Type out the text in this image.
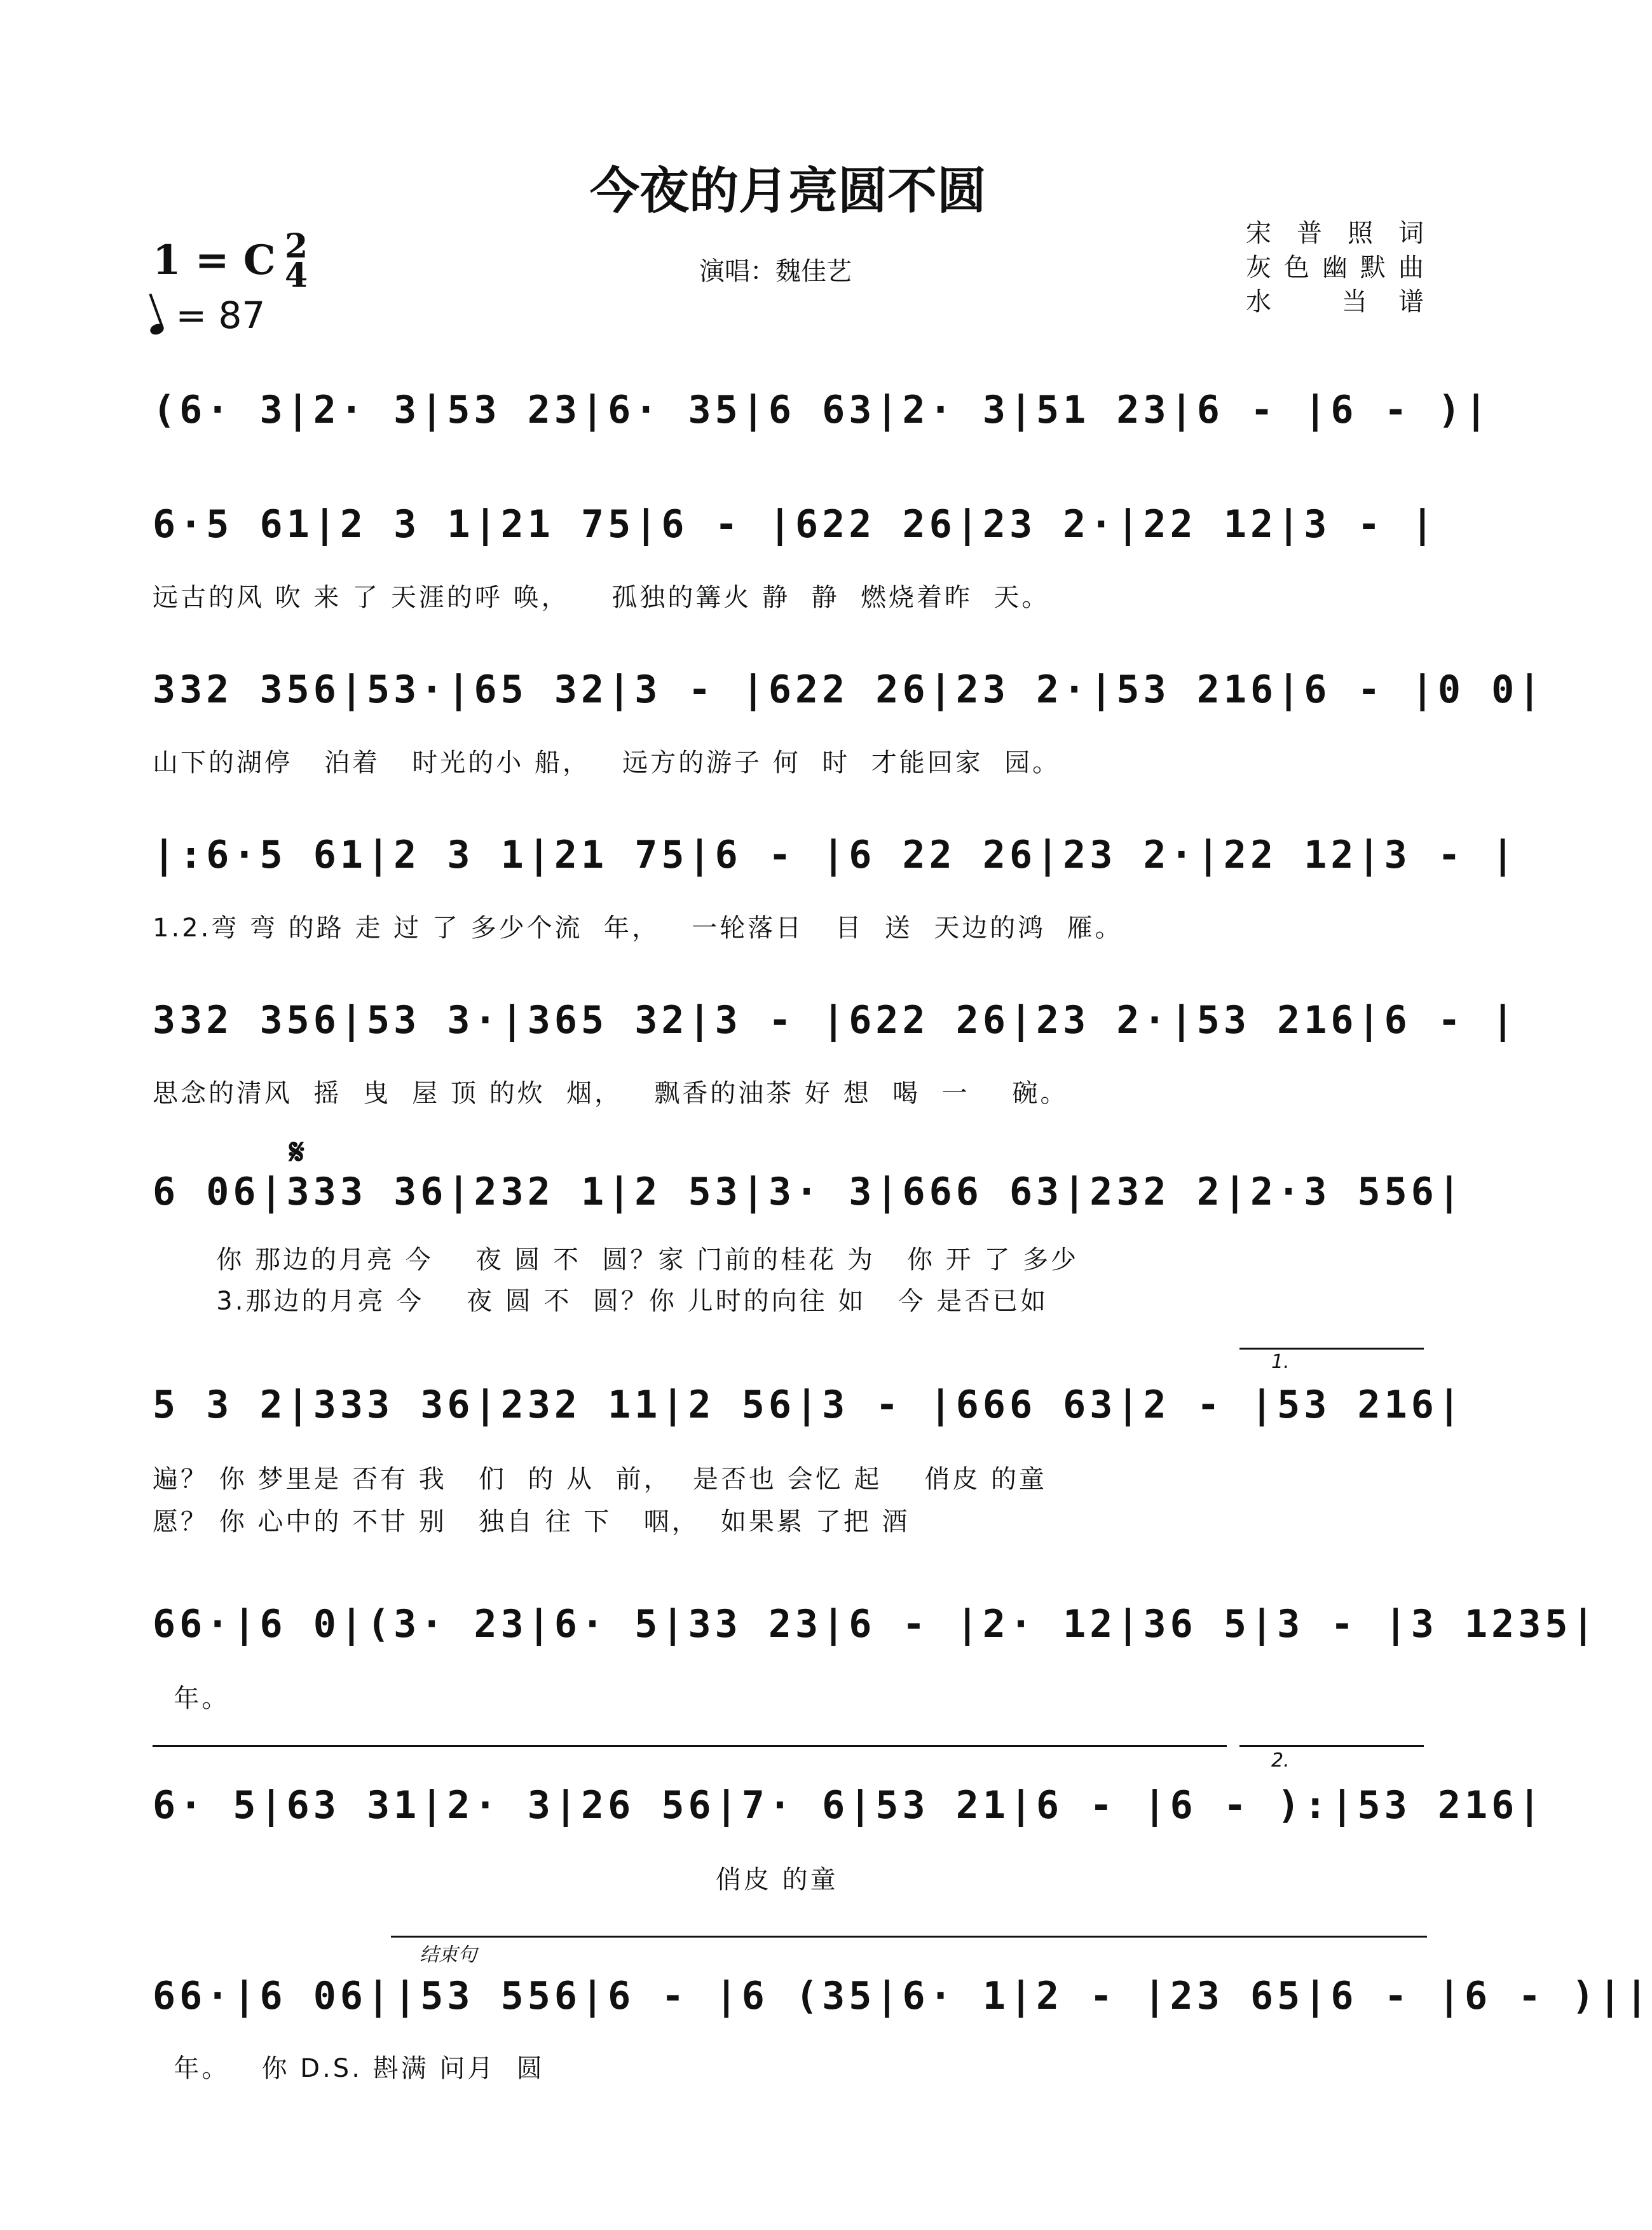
今夜的月亮圆不圆
1 = C 2
4
= 87
演唱：魏佳艺
宋普照词
灰色幽默曲
水 当谱
(6· 3|2· 3|53 23|6· 35|6 63|2· 3|51 23|6 - |6 - )|
6·5 61|2 3 1|21 75|6 - |622 26|23 2·|22 12|3 - |
远古的风 吹 来 了 天涯的呼 唤，    孤独的篝火 静  静  燃烧着昨  天。
332 356|53·|65 32|3 - |622 26|23 2·|53 216|6 - |0 0|
山下的湖停   泊着   时光的小 船，   远方的游子 何  时  才能回家  园。
|:6·5 61|2 3 1|21 75|6 - |6 22 26|23 2·|22 12|3 - |
1.2.弯 弯 的路 走 过 了 多少个流  年，   一轮落日   目  送  天边的鸿  雁。
332 356|53 3·|365 32|3 - |622 26|23 2·|53 216|6 - |
思念的清风  摇  曳  屋 顶 的炊  烟，   飘香的油茶 好 想  喝  一    碗。
𝄋
6 06|333 36|232 1|2 53|3· 3|666 63|232 2|2·3 556|
你 那边的月亮 今    夜 圆 不  圆？家 门前的桂花 为   你 开 了 多少
3.那边的月亮 今    夜 圆 不  圆？你 儿时的向往 如   今 是否已如
1.
5 3 2|333 36|232 11|2 56|3 - |666 63|2 - |53 216|
遍？ 你 梦里是 否有 我   们  的 从  前，  是否也 会忆 起    俏皮 的童
愿？ 你 心中的 不甘 别   独自 往 下   咽，  如果累 了把 酒
66·|6 0|(3· 23|6· 5|33 23|6 - |2· 12|36 5|3 - |3 1235|
年。
2.
6· 5|63 31|2· 3|26 56|7· 6|53 21|6 - |6 - ):|53 216|
俏皮 的童
结束句
66·|6 06||53 556|6 - |6 (35|6· 1|2 - |23 65|6 - |6 - )||
年。   你 D.S. 斟满 问月  圆
